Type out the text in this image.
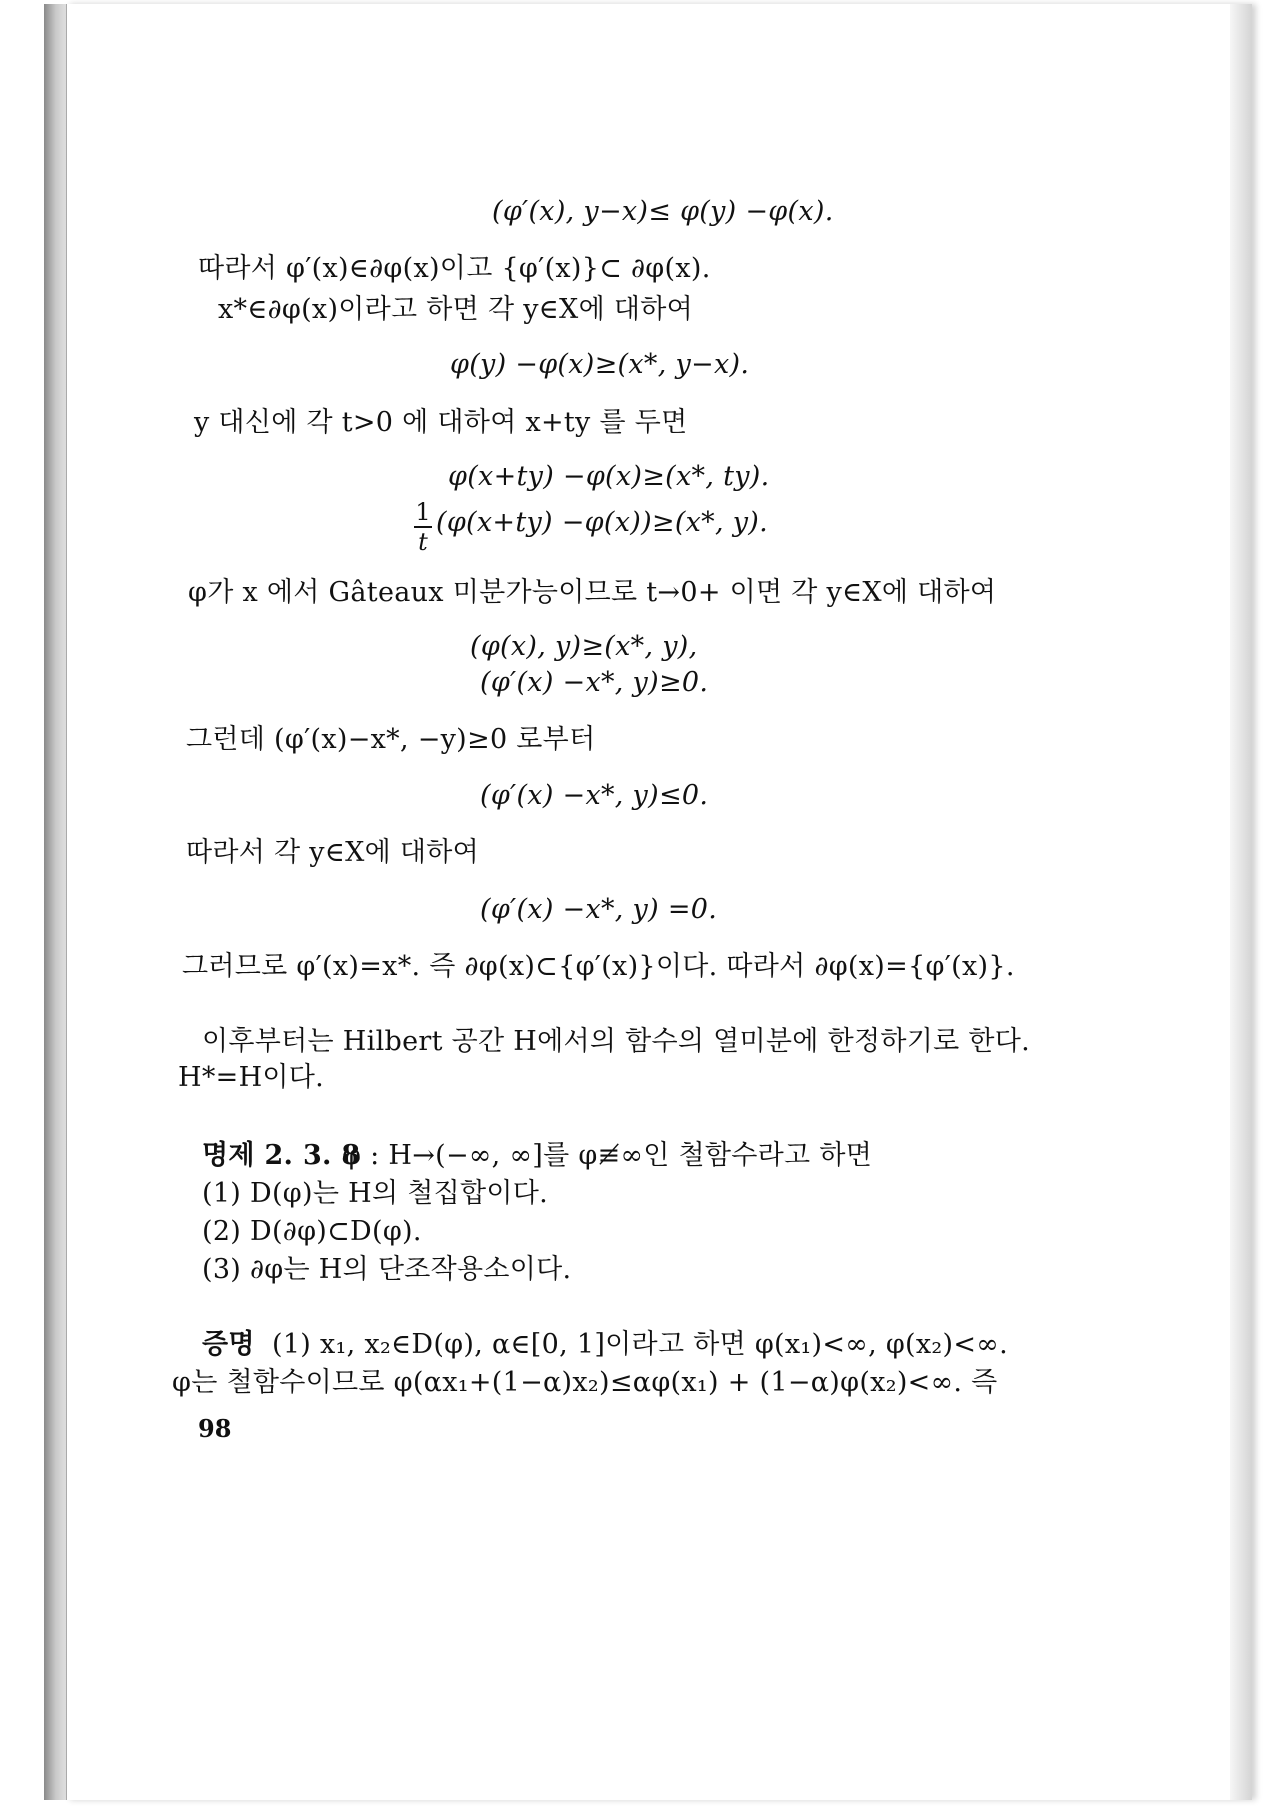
(φ′(x), y−x)≤ φ(y) −φ(x).
따라서 φ′(x)∈∂φ(x)이고 {φ′(x)}⊂ ∂φ(x).
x*∈∂φ(x)이라고 하면 각 y∈X에 대하여
φ(y) −φ(x)≥(x*, y−x).
y 대신에 각 t>0 에 대하여 x+ty 를 두면
φ(x+ty) −φ(x)≥(x*, ty).
$\frac{1}{t} (\varphi(x+ty) -\varphi(x))\ge(x*$, y).
φ가 x 에서 Gâteaux 미분가능이므로 t→0+ 이면 각 y∈X에 대하여
(φ(x), y)≥(x*, y),
(φ′(x) −x*, y)≥0.
그런데 (φ′(x)−x*, −y)≥0 로부터
(φ′(x) −x*, y)≤0.
따라서 각 y∈X에 대하여
(φ′(x) −x*, y) =0.
그러므로 φ′(x)=x*. 즉 ∂φ(x)⊂{φ′(x)}이다. 따라서 ∂φ(x)={φ′(x)}.
이후부터는 Hilbert 공간 H에서의 함수의 열미분에 한정하기로 한다.
H*=H이다.
명제 2. 3. 8
φ : H→(−∞, ∞]를 φ≢∞인 철함수라고 하면
(1) D(φ)는 H의 철집합이다.
(2) D(∂φ)⊂D(φ).
(3) ∂φ는 H의 단조작용소이다.
증명 (1) x₁, x₂∈D(φ), α∈[0, 1]이라고 하면 φ(x₁)<∞, φ(x₂)<∞.
φ는 철함수이므로 φ(αx₁+(1−α)x₂)≤αφ(x₁) + (1−α)φ(x₂)<∞. 즉
98
